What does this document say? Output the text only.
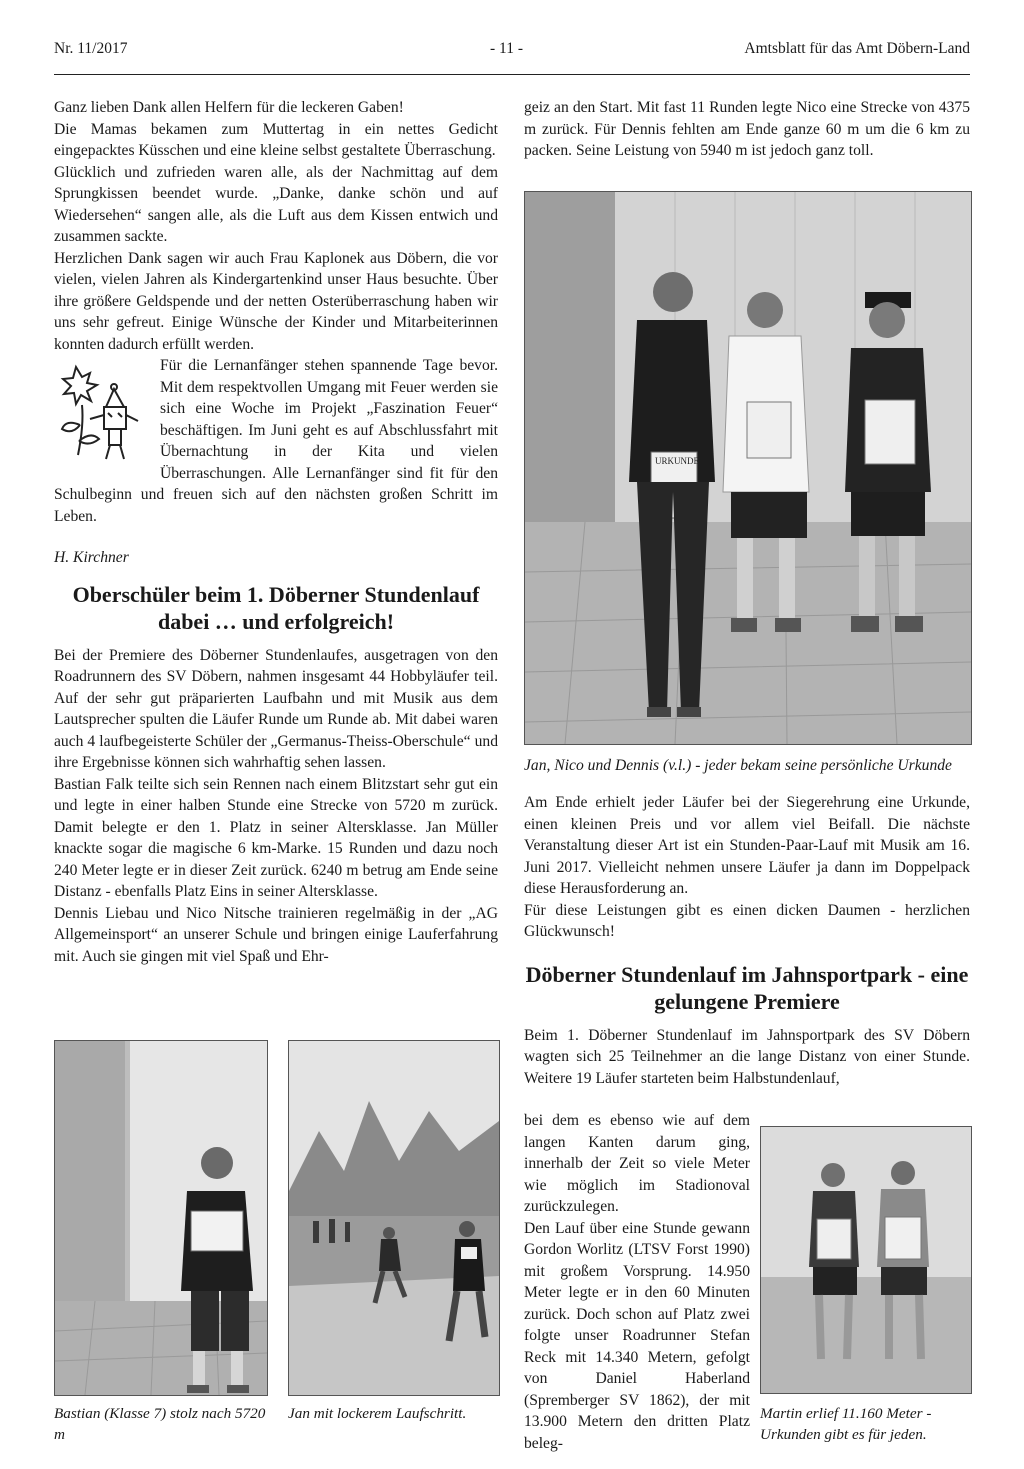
Nr. 11/2017	- 11 -	Amtsblatt für das Amt Döbern-Land

Ganz lieben Dank allen Helfern für die leckeren Gaben!

Die Mamas bekamen zum Muttertag in ein nettes Gedicht eingepacktes Küsschen und eine kleine selbst gestaltete Überraschung.

Glücklich und zufrieden waren alle, als der Nachmittag auf dem Sprungkissen beendet wurde. „Danke, danke schön und auf Wiedersehen“ sangen alle, als die Luft aus dem Kissen entwich und zusammen sackte.

Herzlichen Dank sagen wir auch Frau Kaplonek aus Döbern, die vor vielen, vielen Jahren als Kindergartenkind unser Haus besuchte. Über ihre größere Geldspende und der netten Osterüberraschung haben wir uns sehr gefreut. Einige Wünsche der Kinder und Mitarbeiterinnen konnten dadurch erfüllt werden.

Für die Lernanfänger stehen spannende Tage bevor. Mit dem respektvollen Umgang mit Feuer werden sie sich eine Woche im Projekt „Faszination Feuer“ beschäftigen. Im Juni geht es auf Abschlussfahrt mit Übernachtung in der Kita und vielen Überraschungen. Alle Lernanfänger sind fit für den Schulbeginn und freuen sich auf den nächsten großen Schritt im Leben.

H. Kirchner

Oberschüler beim 1. Döberner Stundenlauf dabei … und erfolgreich!

Bei der Premiere des Döberner Stundenlaufes, ausgetragen von den Roadrunnern des SV Döbern, nahmen insgesamt 44 Hobbyläufer teil. Auf der sehr gut präparierten Laufbahn und mit Musik aus dem Lautsprecher spulten die Läufer Runde um Runde ab. Mit dabei waren auch 4 laufbegeisterte Schüler der „Germanus-Theiss-Oberschule“ und ihre Ergebnisse können sich wahrhaftig sehen lassen.

Bastian Falk teilte sich sein Rennen nach einem Blitzstart sehr gut ein und legte in einer halben Stunde eine Strecke von 5720 m zurück. Damit belegte er den 1. Platz in seiner Altersklasse. Jan Müller knackte sogar die magische 6 km-Marke. 15 Runden und dazu noch 240 Meter legte er in dieser Zeit zurück. 6240 m betrug am Ende seine Distanz - ebenfalls Platz Eins in seiner Altersklasse.

Dennis Liebau und Nico Nitsche trainieren regelmäßig in der „AG Allgemeinsport“ an unserer Schule und bringen einige Lauferfahrung mit. Auch sie gingen mit viel Spaß und Ehr-

Bastian (Klasse 7) stolz nach 5720 m
Jan mit lockerem Laufschritt.

geiz an den Start. Mit fast 11 Runden legte Nico eine Strecke von 4375 m zurück. Für Dennis fehlten am Ende ganze 60 m um die 6 km zu packen. Seine Leistung von 5940 m ist jedoch ganz toll.

URKUNDE

Jan, Nico und Dennis (v.l.) - jeder bekam seine persönliche Urkunde

Am Ende erhielt jeder Läufer bei der Siegerehrung eine Urkunde, einen kleinen Preis und vor allem viel Beifall. Die nächste Veranstaltung dieser Art ist ein Stunden-Paar-Lauf mit Musik am 16. Juni 2017. Vielleicht nehmen unsere Läufer ja dann im Doppelpack diese Herausforderung an.

Für diese Leistungen gibt es einen dicken Daumen - herzlichen Glückwunsch!

Döberner Stundenlauf im Jahnsportpark - eine gelungene Premiere

Beim 1. Döberner Stundenlauf im Jahnsportpark des SV Döbern wagten sich 25 Teilnehmer an die lange Distanz von einer Stunde. Weitere 19 Läufer starteten beim Halbstundenlauf,

bei dem es ebenso wie auf dem langen Kanten darum ging, innerhalb der Zeit so viele Meter wie möglich im Stadionoval zurückzulegen.

Den Lauf über eine Stunde gewann Gordon Worlitz (LTSV Forst 1990) mit großem Vorsprung. 14.950 Meter legte er in den 60 Minuten zurück. Doch schon auf Platz zwei folgte unser Roadrunner Stefan Reck mit 14.340 Metern, gefolgt von Daniel Haberland (Spremberger SV 1862), der mit 13.900 Metern den dritten Platz beleg-

Martin erlief 11.160 Meter - Urkunden gibt es für jeden.
